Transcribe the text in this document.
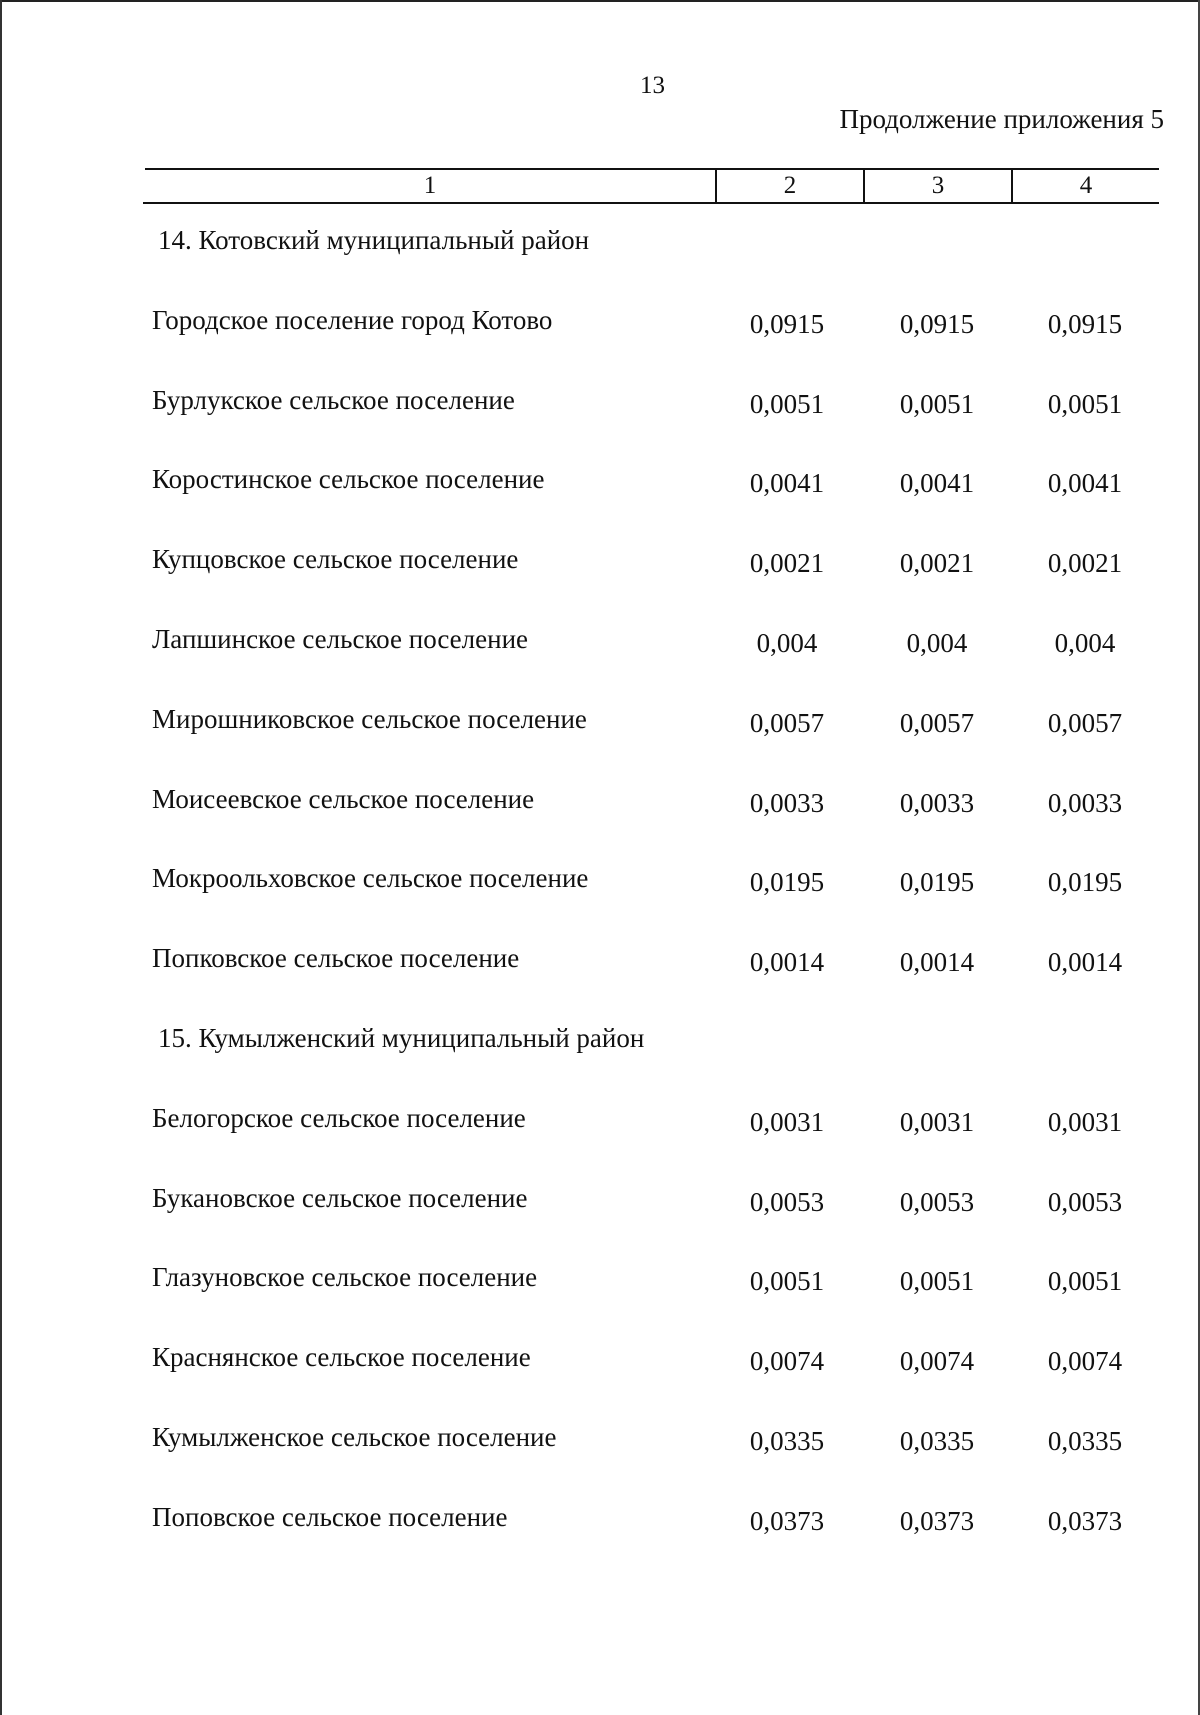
13
Продолжение приложения 5
1	2	3	4
14. Котовский муниципальный район
Городское поселение город Котово	0,0915	0,0915	0,0915
Бурлукское сельское поселение	0,0051	0,0051	0,0051
Коростинское сельское поселение	0,0041	0,0041	0,0041
Купцовское сельское поселение	0,0021	0,0021	0,0021
Лапшинское сельское поселение	0,004	0,004	0,004
Мирошниковское сельское поселение	0,0057	0,0057	0,0057
Моисеевское сельское поселение	0,0033	0,0033	0,0033
Мокроольховское сельское поселение	0,0195	0,0195	0,0195
Попковское сельское поселение	0,0014	0,0014	0,0014
15. Кумылженский муниципальный район
Белогорское сельское поселение	0,0031	0,0031	0,0031
Букановское сельское поселение	0,0053	0,0053	0,0053
Глазуновское сельское поселение	0,0051	0,0051	0,0051
Краснянское сельское поселение	0,0074	0,0074	0,0074
Кумылженское сельское поселение	0,0335	0,0335	0,0335
Поповское сельское поселение	0,0373	0,0373	0,0373
